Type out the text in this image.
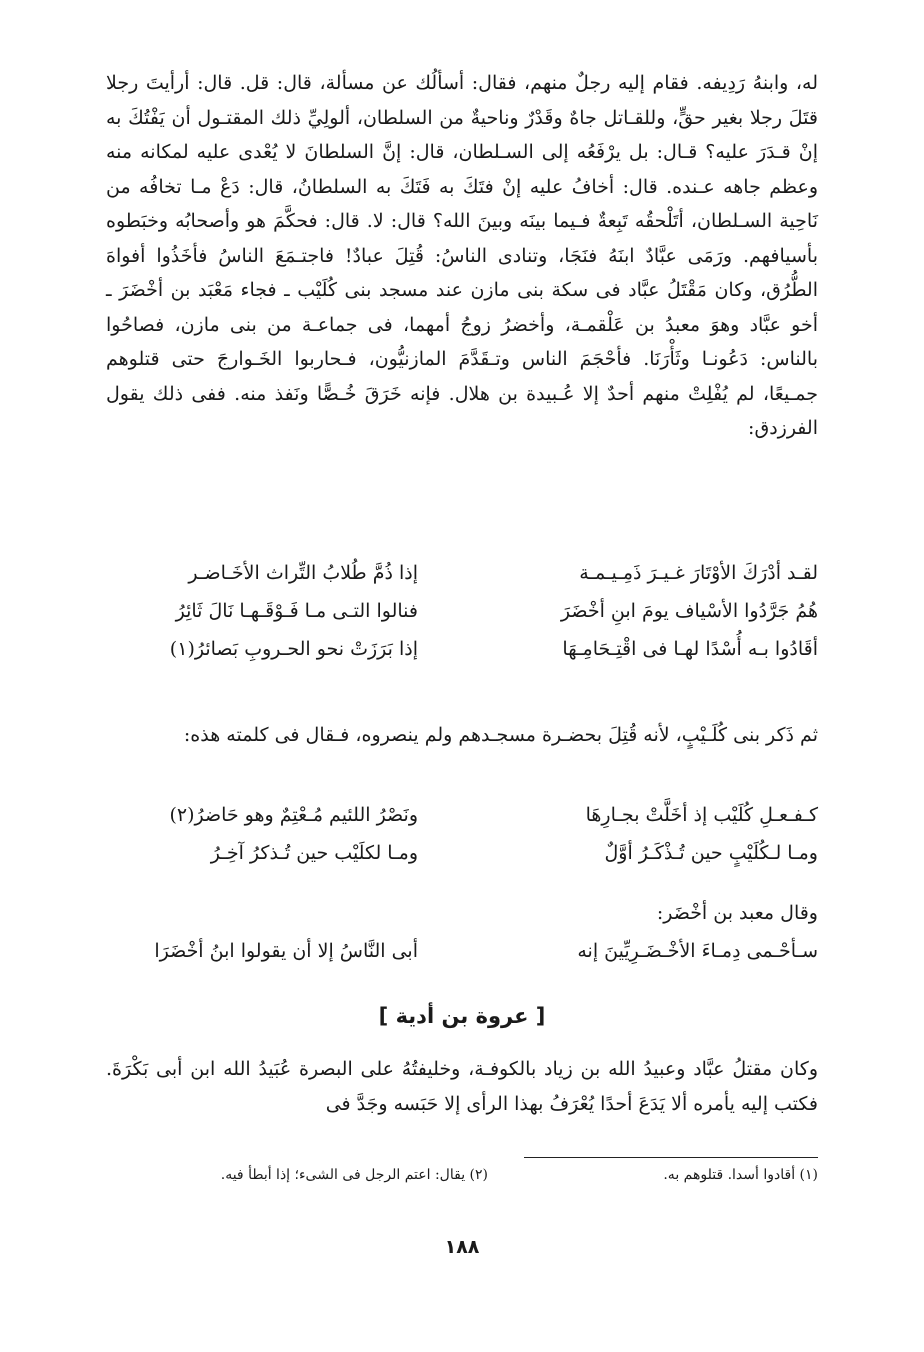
له، وابنهُ رَدِيفه. فقام إليه رجلٌ منهم، فقال: أسألُك عن مسألة، قال: قل. قال: أرأيتَ رجلا قتَلَ رجلا بغير حقٍّ، وللقـاتل جاهٌ وقَدْرٌ وناحيةٌ من السلطان، ألولِيِّ ذلك المقتـول أن يَفْتُكَ به إنْ قـدَرَ عليه؟ قـال: بل يرْفَعُه إلى السـلطان، قال: إنَّ السلطانَ لا يُعْدى عليه لمكانه منه وعظم جاهه عـنده. قال: أخافُ عليه إنْ فتَكَ به فَتَكَ به السلطانُ، قال: دَعْ مـا تخافُه من نَاحِية السـلطان، أتَلْحقُه تَبِعةٌ فـيما بينَه وبينَ الله؟ قال: لا. قال: فحكَّمَ هو وأصحابُه وخبَطوه بأسيافهم. ورَمَى عبَّادٌ ابنَهُ فنَجَا، وتنادى الناسُ: قُتِلَ عبادٌ! فاجتـمَعَ الناسُ فأخَذُوا أفواهَ الطُّرُق، وكان مَقْتَلُ عبَّاد فى سكة بنى مازن عند مسجد بنى كُلَيْب ـ فجاء مَعْبَد بن أخْضَرَ ـ أخو عبَّاد وهوَ معبدُ بن عَلْقمـة، وأخضرُ زوجُ أمهما، فى جماعـة من بنى مازن، فصاحُوا بالناس: دَعُونـا وثَأْرَنَا. فأحْجَمَ الناس وتـقَدَّمَ المازنيُّون، فـحاربوا الخَـوارجَ حتى قتلوهم جمـيعًا، لم يُفْلِتْ منهم أحدٌ إلا عُـبيدة بن هلال. فإنه خَرَقَ خُـصًّا ونَفذ منه. ففى ذلك يقول الفرزدق:

لقـد أدْرَكَ الأوْتَارَ غـيـرَ ذَمِـيـمـة
إذا ذُمَّ طُلابُ التِّراث الأخَـاضـر
هُمُ جَرَّدُوا الأسْياف يومَ ابنِ أخْضَرَ
فنالوا التـى مـا فَـوْقَـهـا نَالَ ثَائِرُ
أقَادُوا بـه أُسْدًا لهـا فى اقْتِـحَامِـهَا
إذا بَرَزَتْ نحو الحـروبِ بَصائرُ(١)

ثم ذَكر بنى كُلَـيْبٍ، لأنه قُتِلَ بحضـرة مسجـدهم ولم ينصروه، فـقال فى كلمته هذه:

كـفـعـلِ كُلَيْب إذ أخَلَّتْ بجـارِهَا
ونَصْرُ اللئيم مُـعْتِمٌ وهو حَاضرُ(٢)
ومـا لـكُلَيْبٍ حين تُـذْكَـرُ أوَّلٌ
ومـا لكلَيْب حين تُـذكرُ آخِـرُ
وقال معبد بن أخْضَر:
سـأحْـمى دِمـاءَ الأخْـضَـرِيِّينَ إنه
أبى النَّاسُ إلا أن يقولوا ابنُ أخْضَرَا
[ عروة بن أدية ]

وكان مقتلُ عبَّاد وعبيدُ الله بن زياد بالكوفـة، وخليفتُهُ على البصرة عُبَيدُ الله ابن أبى بَكْرَةَ. فكتب إليه يأمره ألا يَدَعَ أحدًا يُعْرَفُ بهذا الرأى إلا حَبَسه وجَدَّ فى

(١) أقادوا أسدا. قتلوهم به.
(٢) يقال: اعتم الرجل فى الشىء؛ إذا أبطأ فيه.
١٨٨
